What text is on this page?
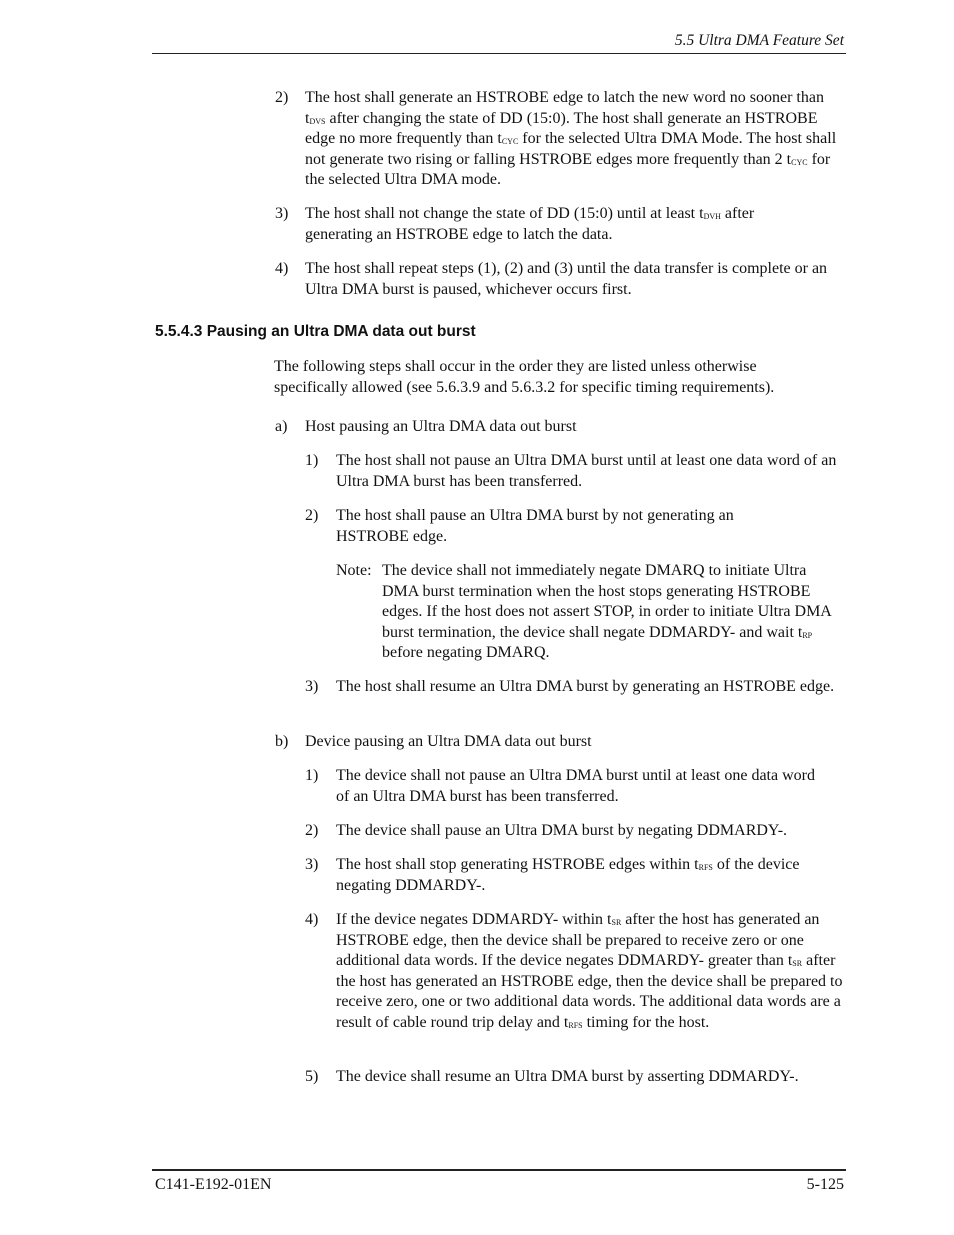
5.5 Ultra DMA Feature Set
2) The host shall generate an HSTROBE edge to latch the new word no sooner than $t_{DVS}$ after changing the state of DD (15:0). The host shall generate an HSTROBE edge no more frequently than $t_{CYC}$ for the selected Ultra DMA Mode. The host shall not generate two rising or falling HSTROBE edges more frequently than 2 $t_{CYC}$ for the selected Ultra DMA mode.
3) The host shall not change the state of DD (15:0) until at least $t_{DVH}$ after generating an HSTROBE edge to latch the data.
4) The host shall repeat steps (1), (2) and (3) until the data transfer is complete or an Ultra DMA burst is paused, whichever occurs first.
5.5.4.3 Pausing an Ultra DMA data out burst
The following steps shall occur in the order they are listed unless otherwise specifically allowed (see 5.6.3.9 and 5.6.3.2 for specific timing requirements).
a) Host pausing an Ultra DMA data out burst
1) The host shall not pause an Ultra DMA burst until at least one data word of an Ultra DMA burst has been transferred.
2) The host shall pause an Ultra DMA burst by not generating an HSTROBE edge.
Note: The device shall not immediately negate DMARQ to initiate Ultra DMA burst termination when the host stops generating HSTROBE edges. If the host does not assert STOP, in order to initiate Ultra DMA burst termination, the device shall negate DDMARDY- and wait $t_{RP}$ before negating DMARQ.
3) The host shall resume an Ultra DMA burst by generating an HSTROBE edge.
b) Device pausing an Ultra DMA data out burst
1) The device shall not pause an Ultra DMA burst until at least one data word of an Ultra DMA burst has been transferred.
2) The device shall pause an Ultra DMA burst by negating DDMARDY-.
3) The host shall stop generating HSTROBE edges within $t_{RFS}$ of the device negating DDMARDY-.
4) If the device negates DDMARDY- within $t_{SR}$ after the host has generated an HSTROBE edge, then the device shall be prepared to receive zero or one additional data words. If the device negates DDMARDY- greater than $t_{SR}$ after the host has generated an HSTROBE edge, then the device shall be prepared to receive zero, one or two additional data words. The additional data words are a result of cable round trip delay and $t_{RFS}$ timing for the host.
5) The device shall resume an Ultra DMA burst by asserting DDMARDY-.
C141-E192-01EN	5-125
